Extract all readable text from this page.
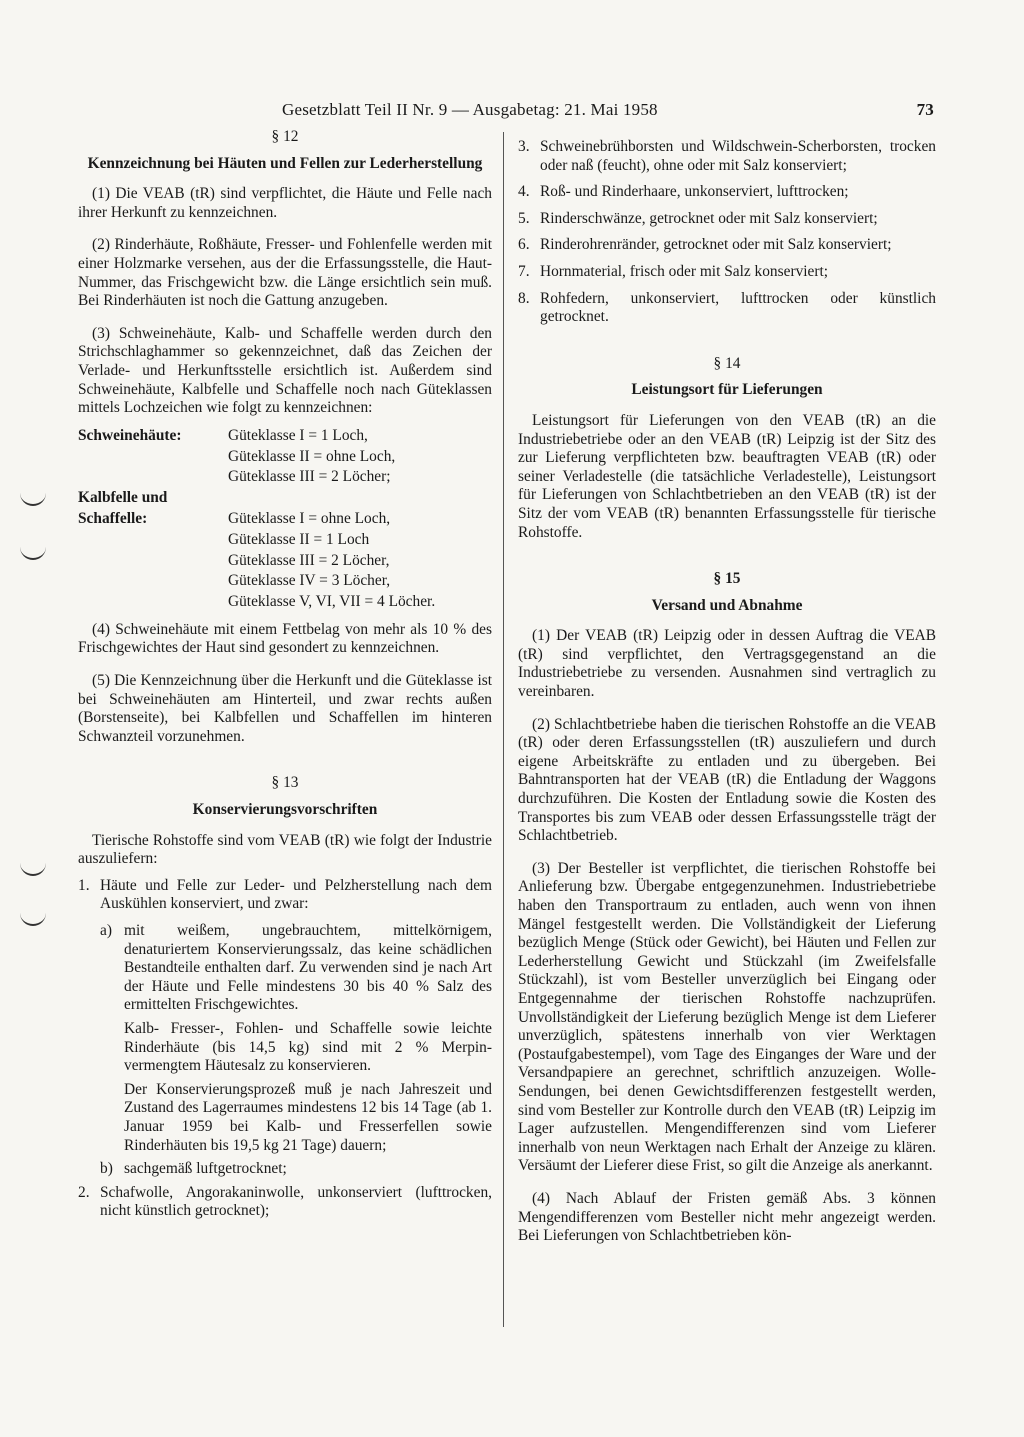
Gesetzblatt Teil II Nr. 9 — Ausgabetag: 21. Mai 1958	73
§ 12
Kennzeichnung bei Häuten und Fellen zur Lederherstellung

(1) Die VEAB (tR) sind verpflichtet, die Häute und Felle nach ihrer Herkunft zu kennzeichnen.

(2) Rinderhäute, Roßhäute, Fresser- und Fohlenfelle werden mit einer Holzmarke versehen, aus der die Erfassungsstelle, die Haut-Nummer, das Frischgewicht bzw. die Länge ersichtlich sein muß. Bei Rinderhäuten ist noch die Gattung anzugeben.

(3) Schweinehäute, Kalb- und Schaffelle werden durch den Strichschlaghammer so gekennzeichnet, daß das Zeichen der Verlade- und Herkunftsstelle ersichtlich ist. Außerdem sind Schweinehäute, Kalbfelle und Schaffelle noch nach Güteklassen mittels Lochzeichen wie folgt zu kennzeichnen:

Schweinehäute:	Güteklasse I = 1 Loch,
Güteklasse II = ohne Loch,
Güteklasse III = 2 Löcher;
Kalbfelle und
Schaffelle:	Güteklasse I = ohne Loch,
Güteklasse II = 1 Loch
Güteklasse III = 2 Löcher,
Güteklasse IV = 3 Löcher,
Güteklasse V, VI, VII = 4 Löcher.

(4) Schweinehäute mit einem Fettbelag von mehr als 10 % des Frischgewichtes der Haut sind gesondert zu kennzeichnen.

(5) Die Kennzeichnung über die Herkunft und die Güteklasse ist bei Schweinehäuten am Hinterteil, und zwar rechts außen (Borstenseite), bei Kalbfellen und Schaffellen im hinteren Schwanzteil vorzunehmen.

§ 13
Konservierungsvorschriften

Tierische Rohstoffe sind vom VEAB (tR) wie folgt der Industrie auszuliefern:

1. Häute und Felle zur Leder- und Pelzherstellung nach dem Auskühlen konserviert, und zwar:
a) mit weißem, ungebrauchtem, mittelkörnigem, denaturiertem Konservierungssalz, das keine schädlichen Bestandteile enthalten darf. Zu verwenden sind je nach Art der Häute und Felle mindestens 30 bis 40 % Salz des ermittelten Frischgewichtes.

Kalb- Fresser-, Fohlen- und Schaffelle sowie leichte Rinderhäute (bis 14,5 kg) sind mit 2 % Merpin-vermengtem Häutesalz zu konservieren.

Der Konservierungsprozeß muß je nach Jahreszeit und Zustand des Lagerraumes mindestens 12 bis 14 Tage (ab 1. Januar 1959 bei Kalb- und Fresserfellen sowie Rinderhäuten bis 19,5 kg 21 Tage) dauern;

b) sachgemäß luftgetrocknet;
2. Schafwolle, Angorakaninwolle, unkonserviert (lufttrocken, nicht künstlich getrocknet);
3. Schweinebrühborsten und Wildschwein-Scherborsten, trocken oder naß (feucht), ohne oder mit Salz konserviert;
4. Roß- und Rinderhaare, unkonserviert, lufttrocken;
5. Rinderschwänze, getrocknet oder mit Salz konserviert;
6. Rinderohrenränder, getrocknet oder mit Salz konserviert;
7. Hornmaterial, frisch oder mit Salz konserviert;
8. Rohfedern, unkonserviert, lufttrocken oder künstlich getrocknet.
§ 14
Leistungsort für Lieferungen

Leistungsort für Lieferungen von den VEAB (tR) an die Industriebetriebe oder an den VEAB (tR) Leipzig ist der Sitz des zur Lieferung verpflichteten bzw. beauftragten VEAB (tR) oder seiner Verladestelle (die tatsächliche Verladestelle), Leistungsort für Lieferungen von Schlachtbetrieben an den VEAB (tR) ist der Sitz der vom VEAB (tR) benannten Erfassungsstelle für tierische Rohstoffe.

§ 15
Versand und Abnahme

(1) Der VEAB (tR) Leipzig oder in dessen Auftrag die VEAB (tR) sind verpflichtet, den Vertragsgegenstand an die Industriebetriebe zu versenden. Ausnahmen sind vertraglich zu vereinbaren.

(2) Schlachtbetriebe haben die tierischen Rohstoffe an die VEAB (tR) oder deren Erfassungsstellen (tR) auszuliefern und durch eigene Arbeitskräfte zu entladen und zu übergeben. Bei Bahntransporten hat der VEAB (tR) die Entladung der Waggons durchzuführen. Die Kosten der Entladung sowie die Kosten des Transportes bis zum VEAB oder dessen Erfassungsstelle trägt der Schlachtbetrieb.

(3) Der Besteller ist verpflichtet, die tierischen Rohstoffe bei Anlieferung bzw. Übergabe entgegenzunehmen. Industriebetriebe haben den Transportraum zu entladen, auch wenn von ihnen Mängel festgestellt werden. Die Vollständigkeit der Lieferung bezüglich Menge (Stück oder Gewicht), bei Häuten und Fellen zur Lederherstellung Gewicht und Stückzahl (im Zweifelsfalle Stückzahl), ist vom Besteller unverzüglich bei Eingang oder Entgegennahme der tierischen Rohstoffe nachzuprüfen. Unvollständigkeit der Lieferung bezüglich Menge ist dem Lieferer unverzüglich, spätestens innerhalb von vier Werktagen (Postaufgabestempel), vom Tage des Einganges der Ware und der Versandpapiere an gerechnet, schriftlich anzuzeigen. Wolle-Sendungen, bei denen Gewichtsdifferenzen festgestellt werden, sind vom Besteller zur Kontrolle durch den VEAB (tR) Leipzig im Lager aufzustellen. Mengendifferenzen sind vom Lieferer innerhalb von neun Werktagen nach Erhalt der Anzeige zu klären. Versäumt der Lieferer diese Frist, so gilt die Anzeige als anerkannt.

(4) Nach Ablauf der Fristen gemäß Abs. 3 können Mengendifferenzen vom Besteller nicht mehr angezeigt werden. Bei Lieferungen von Schlachtbetrieben kön-
